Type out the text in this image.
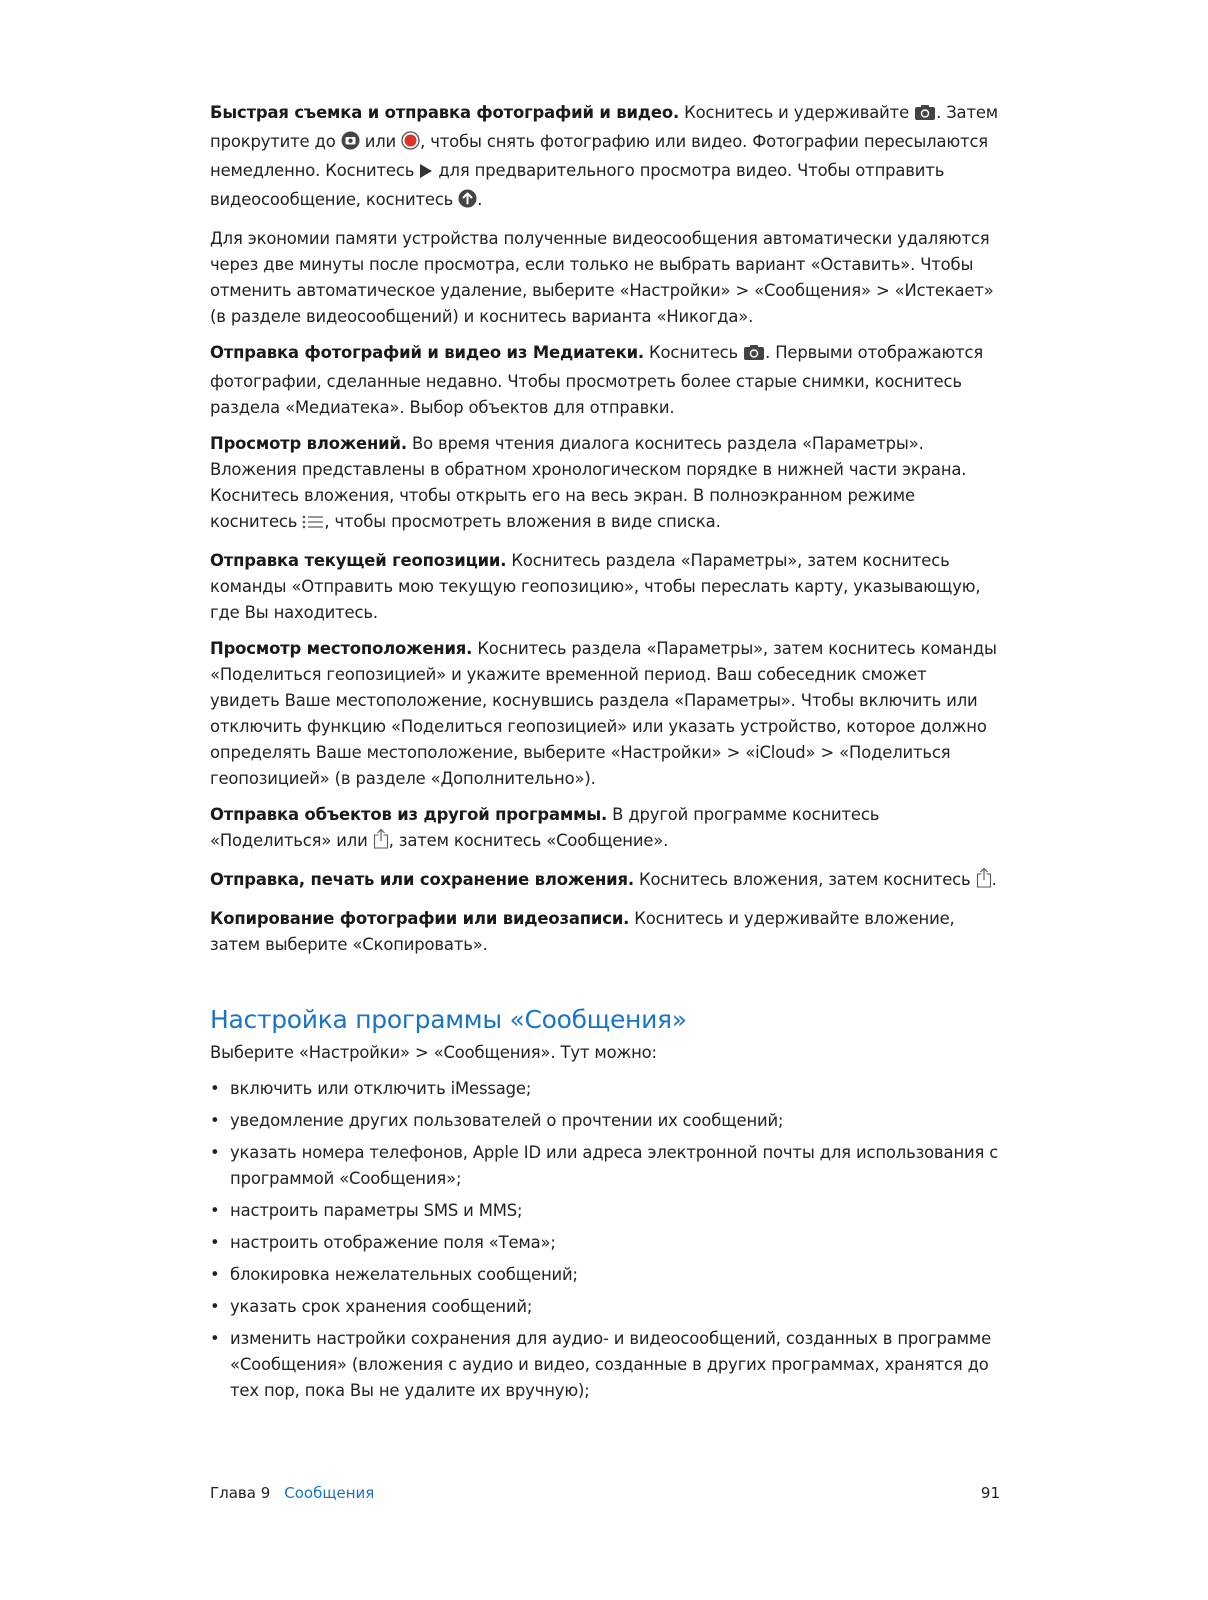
Быстрая съемка и отправка фотографий и видео. Коснитесь и удерживайте . Затем прокрутите до  или , чтобы снять фотографию или видео. Фотографии пересылаются немедленно. Коснитесь  для предварительного просмотра видео. Чтобы отправить видеосообщение, коснитесь .

Для экономии памяти устройства полученные видеосообщения автоматически удаляются через две минуты после просмотра, если только не выбрать вариант «Оставить». Чтобы отменить автоматическое удаление, выберите «Настройки» > «Сообщения» > «Истекает» (в разделе видеосообщений) и коснитесь варианта «Никогда».

Отправка фотографий и видео из Медиатеки. Коснитесь . Первыми отображаются фотографии, сделанные недавно. Чтобы просмотреть более старые снимки, коснитесь раздела «Медиатека». Выбор объектов для отправки.

Просмотр вложений. Во время чтения диалога коснитесь раздела «Параметры». Вложения представлены в обратном хронологическом порядке в нижней части экрана. Коснитесь вложения, чтобы открыть его на весь экран. В полноэкранном режиме коснитесь , чтобы просмотреть вложения в виде списка.

Отправка текущей геопозиции. Коснитесь раздела «Параметры», затем коснитесь команды «Отправить мою текущую геопозицию», чтобы переслать карту, указывающую, где Вы находитесь.

Просмотр местоположения. Коснитесь раздела «Параметры», затем коснитесь команды «Поделиться геопозицией» и укажите временной период. Ваш собеседник сможет увидеть Ваше местоположение, коснувшись раздела «Параметры». Чтобы включить или отключить функцию «Поделиться геопозицией» или указать устройство, которое должно определять Ваше местоположение, выберите «Настройки» > «iCloud» > «Поделиться геопозицией» (в разделе «Дополнительно»).

Отправка объектов из другой программы. В другой программе коснитесь «Поделиться» или , затем коснитесь «Сообщение».

Отправка, печать или сохранение вложения. Коснитесь вложения, затем коснитесь .

Копирование фотографии или видеозаписи. Коснитесь и удерживайте вложение, затем выберите «Скопировать».

Настройка программы «Сообщения»

Выберите «Настройки» > «Сообщения». Тут можно:

• включить или отключить iMessage;
• уведомление других пользователей о прочтении их сообщений;
• указать номера телефонов, Apple ID или адреса электронной почты для использования с программой «Сообщения»;
• настроить параметры SMS и MMS;
• настроить отображение поля «Тема»;
• блокировка нежелательных сообщений;
• указать срок хранения сообщений;
• изменить настройки сохранения для аудио- и видеосообщений, созданных в программе «Сообщения» (вложения с аудио и видео, созданные в других программах, хранятся до тех пор, пока Вы не удалите их вручную);
Глава 9 Сообщения	91
